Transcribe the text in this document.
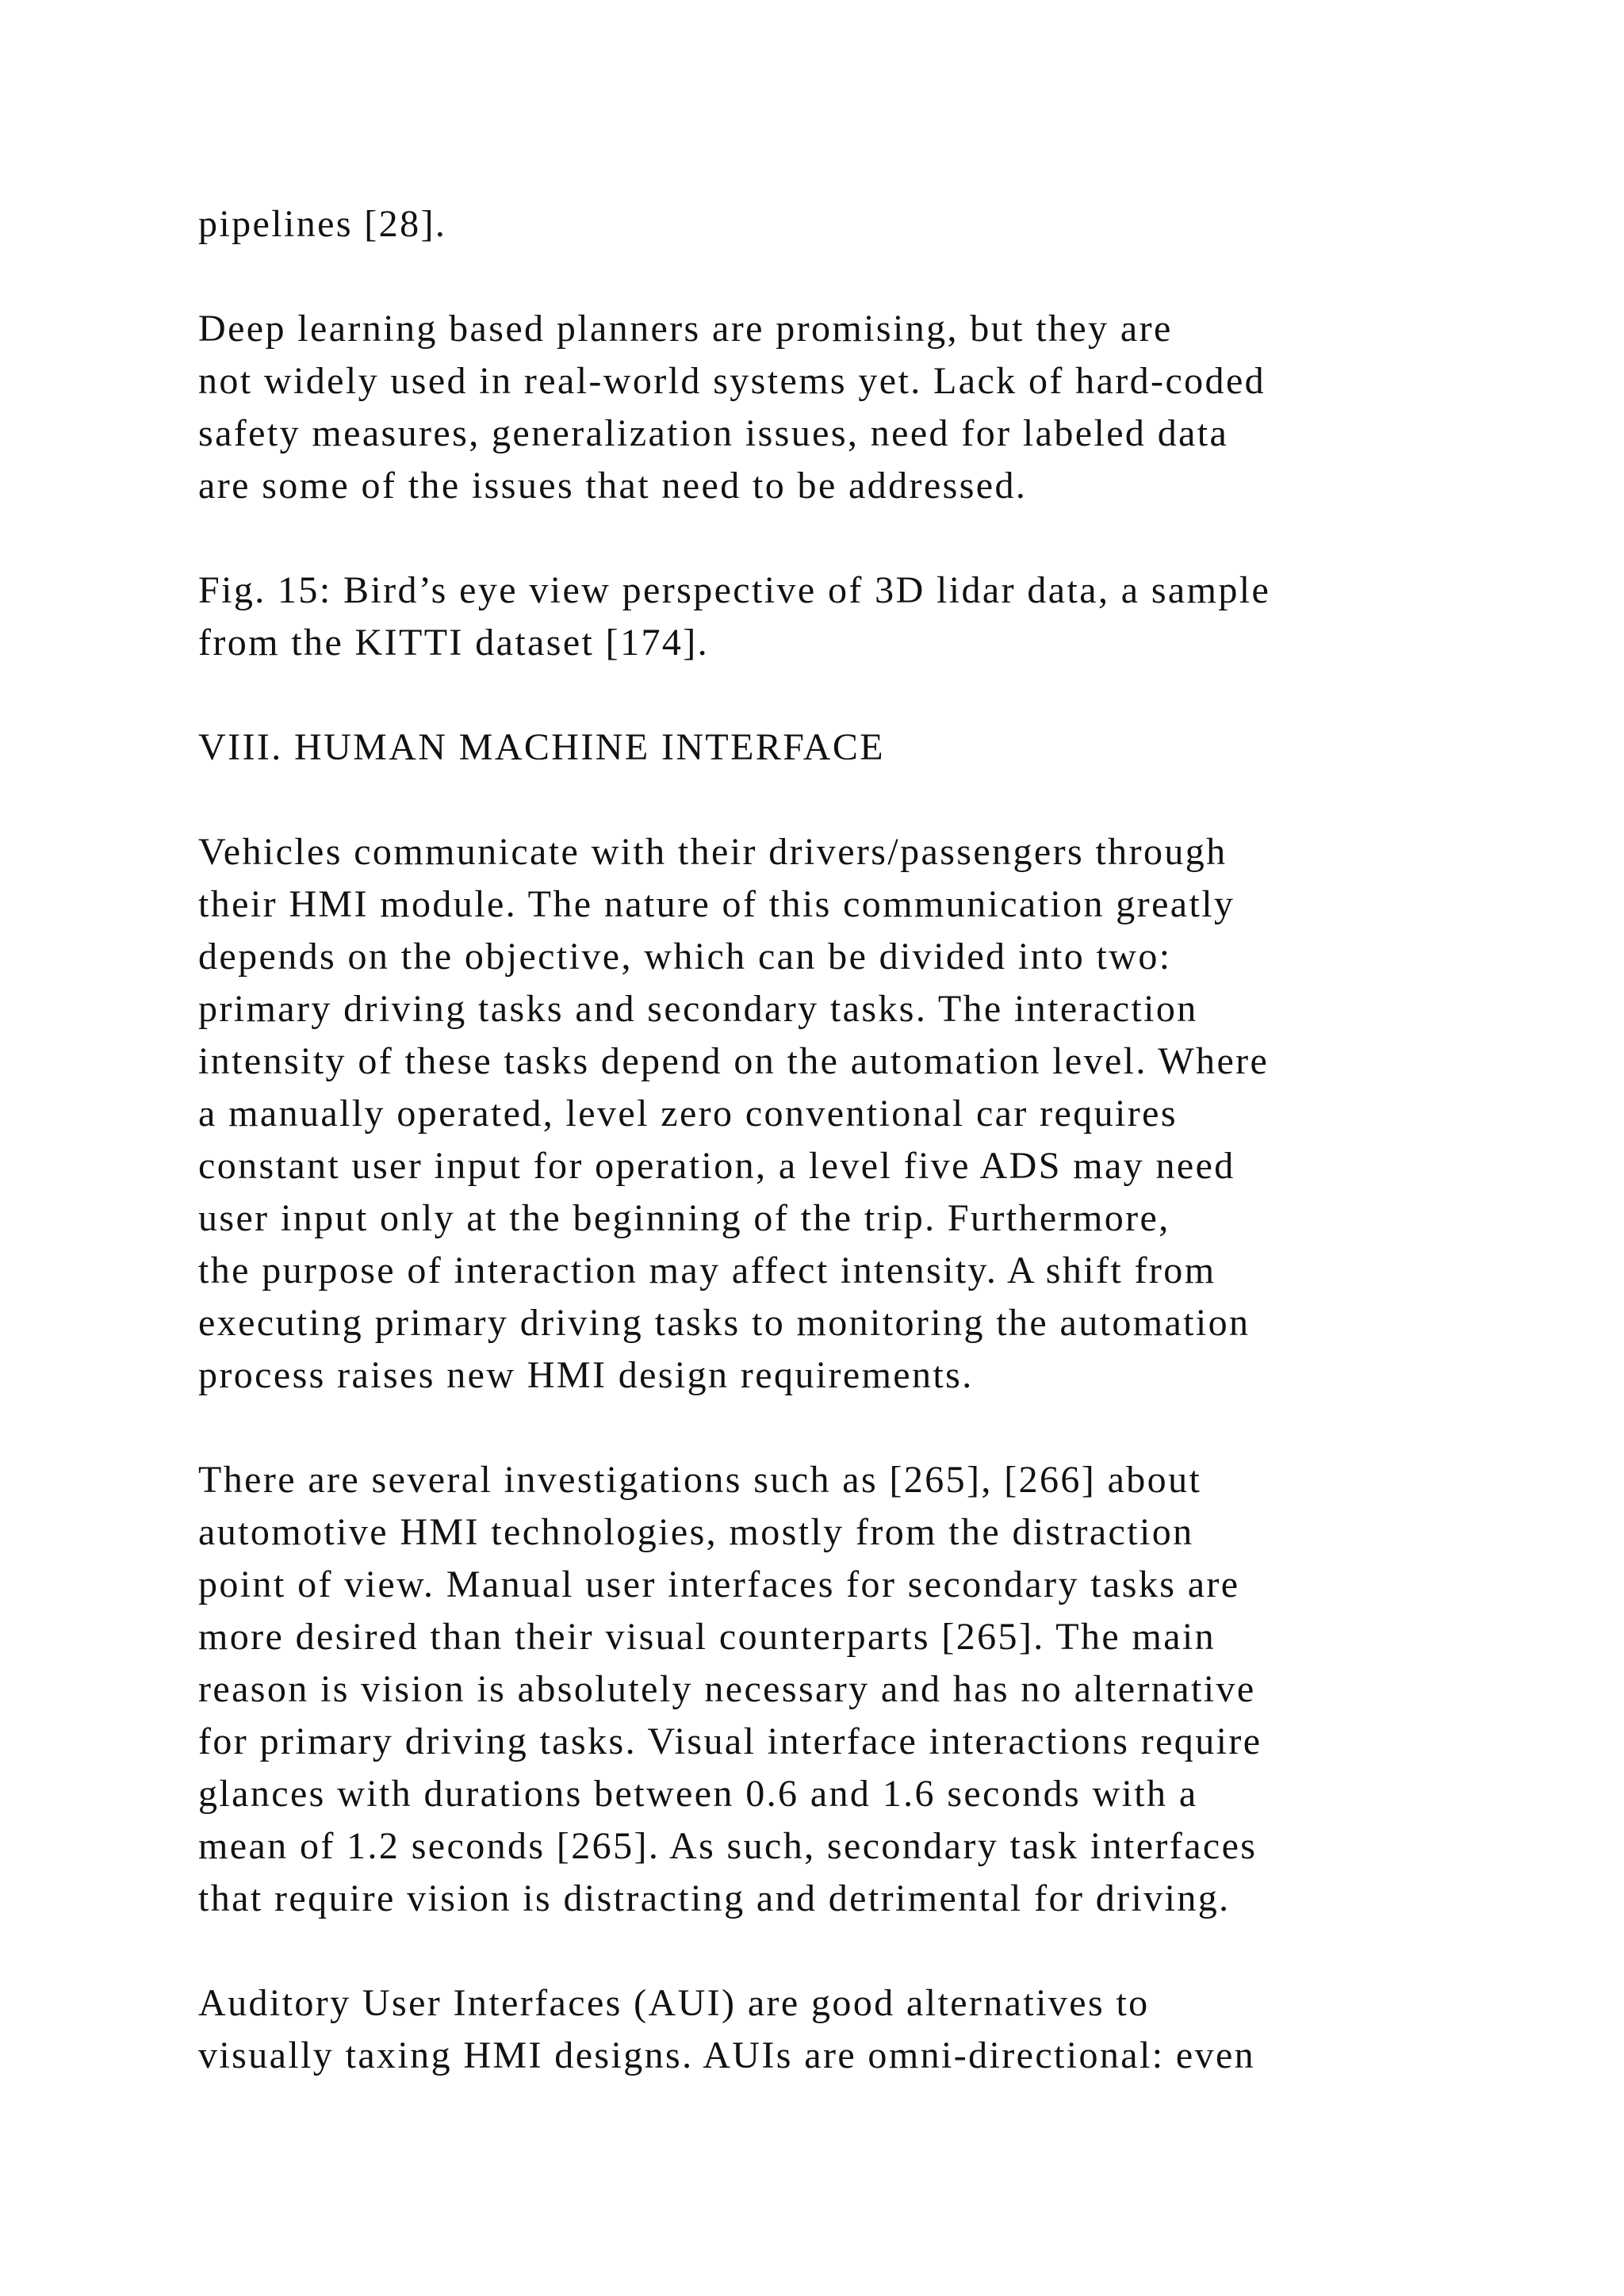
pipelines [28].
Deep learning based planners are promising, but they are
not widely used in real-world systems yet. Lack of hard-coded
safety measures, generalization issues, need for labeled data
are some of the issues that need to be addressed.
Fig. 15: Bird’s eye view perspective of 3D lidar data, a sample
from the KITTI dataset [174].
VIII. HUMAN MACHINE INTERFACE
Vehicles communicate with their drivers/passengers through
their HMI module. The nature of this communication greatly
depends on the objective, which can be divided into two:
primary driving tasks and secondary tasks. The interaction
intensity of these tasks depend on the automation level. Where
a manually operated, level zero conventional car requires
constant user input for operation, a level five ADS may need
user input only at the beginning of the trip. Furthermore,
the purpose of interaction may affect intensity. A shift from
executing primary driving tasks to monitoring the automation
process raises new HMI design requirements.
There are several investigations such as [265], [266] about
automotive HMI technologies, mostly from the distraction
point of view. Manual user interfaces for secondary tasks are
more desired than their visual counterparts [265]. The main
reason is vision is absolutely necessary and has no alternative
for primary driving tasks. Visual interface interactions require
glances with durations between 0.6 and 1.6 seconds with a
mean of 1.2 seconds [265]. As such, secondary task interfaces
that require vision is distracting and detrimental for driving.
Auditory User Interfaces (AUI) are good alternatives to
visually taxing HMI designs. AUIs are omni-directional: even
